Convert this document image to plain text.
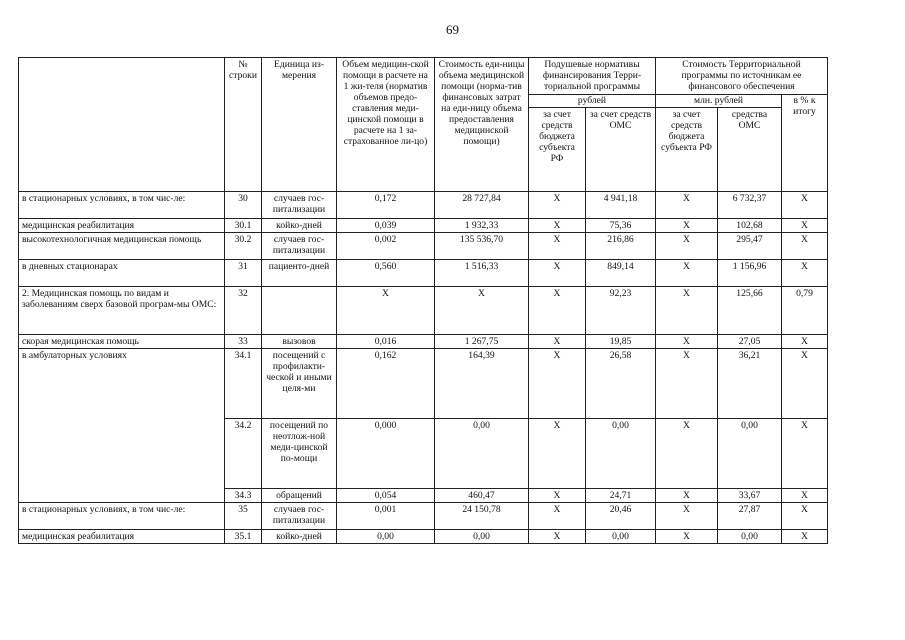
69
	№ строки	Единица из-мерения	Объем медицин-ской помощи в расчете на 1 жи-теля (норматив объемов предо-ставления меди-цинской помощи в расчете на 1 за-страхованное ли-цо)	Стоимость еди-ницы объема медицинской помощи (норма-тив финансовых затрат на еди-ницу объема предоставления медицинской помощи)	Подушевые нормативы финансирования Терри-ториальной программы		Стоимость Территориальной программы по источникам ее финансового обеспечения		
					рублей		млн. рублей		в % к итогу
					за счет средств бюджета субъекта РФ	за счет средств ОМС	за счет средств бюджета субъекта РФ	средства ОМС	
в стационарных условиях, в том чис-ле:	30	случаев гос-питализации	0,172	28 727,84	X	4 941,18	X	6 732,37	X
медицинская реабилитация	30.1	койко-дней	0,039	1 932,33	X	75,36	X	102,68	X
высокотехнологичная медицинская помощь	30.2	случаев гос-питализации	0,002	135 536,70	X	216,86	X	295,47	X
в дневных стационарах	31	пациенто-дней	0,560	1 516,33	X	849,14	X	1 156,96	X
2. Медицинская помощь по видам и заболеваниям сверх базовой програм-мы ОМС:	32		X	X	X	92,23	X	125,66	0,79
скорая медицинская помощь	33	вызовов	0,016	1 267,75	X	19,85	X	27,05	X
в амбулаторных условиях	34.1	посещений с профилакти-ческой и иными целя-ми	0,162	164,39	X	26,58	X	36,21	X
	34.2	посещений по неотлож-ной меди-цинской по-мощи	0,000	0,00	X	0,00	X	0,00	X
	34.3	обращений	0,054	460,47	X	24,71	X	33,67	X
в стационарных условиях, в том чис-ле:	35	случаев гос-питализации	0,001	24 150,78	X	20,46	X	27,87	X
медицинская реабилитация	35.1	койко-дней	0,00	0,00	X	0,00	X	0,00	X
